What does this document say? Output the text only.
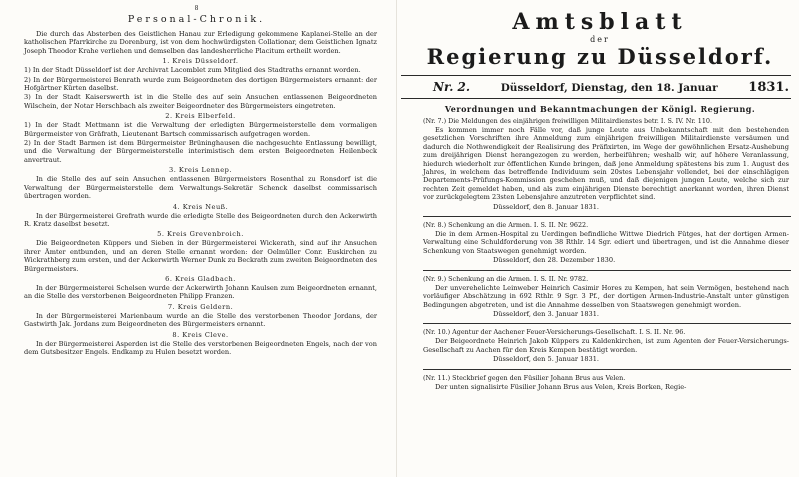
8
Personal-Chronik.

Die durch das Absterben des Geistlichen Hanau zur Erledigung gekommene Kaplanei-Stelle an der katholischen Pfarrkirche zu Dorenburg, ist von dem hochwürdigsten Collationar, dem Geistlichen Ignatz Joseph Theodor Krahe verliehen und demselben das landesherrliche Placitum ertheilt worden.

1. Kreis Düsseldorf.

1) In der Stadt Düsseldorf ist der Archivrat Lacomblet zum Mitglied des Stadtraths ernannt worden.

2) In der Bürgermeisterei Benrath wurde zum Beigeordneten des dortigen Bürgermeisters ernannt: der Hofgärtner Kürten daselbst.

3) In der Stadt Kaiserswerth ist in die Stelle des auf sein Ansuchen entlassenen Beigeordneten Wilschein, der Notar Herschbach als zweiter Beigeordneter des Bürgermeisters eingetreten.

2. Kreis Elberfeld.

1) In der Stadt Mettmann ist die Verwaltung der erledigten Bürgermeisterstelle dem vormaligen Bürgermeister von Gräfrath, Lieutenant Bartsch commissarisch aufgetragen worden.

2) In der Stadt Barmen ist dem Bürgermeister Brüninghausen die nachgesuchte Entlassung bewilligt, und die Verwaltung der Bürgermeisterstelle interimistisch dem ersten Beigeordneten Heilenbeck anvertraut.

3. Kreis Lennep.

In die Stelle des auf sein Ansuchen entlassenen Bürgermeisters Rosenthal zu Ronsdorf ist die Verwaltung der Bürgermeisterstelle dem Verwaltungs-Sekretär Schenck daselbst commissarisch übertragen worden.

4. Kreis Neuß.

In der Bürgermeisterei Grefrath wurde die erledigte Stelle des Beigeordneten durch den Ackerwirth R. Kratz daselbst besetzt.

5. Kreis Grevenbroich.

Die Beigeordneten Küppers und Sieben in der Bürgermeisterei Wickerath, sind auf ihr Ansuchen ihrer Ämter entbunden, und an deren Stelle ernannt worden: der Oelmüller Conr. Euskirchen zu Wickrathberg zum ersten, und der Ackerwirth Werner Dunk zu Beckrath zum zweiten Beigeordneten des Bürgermeisters.

6. Kreis Gladbach.

In der Bürgermeisterei Schelsen wurde der Ackerwirth Johann Kaulsen zum Beigeordneten ernannt, an die Stelle des verstorbenen Beigeordneten Philipp Franzen.

7. Kreis Geldern.

In der Bürgermeisterei Marienbaum wurde an die Stelle des verstorbenen Theodor Jordans, der Gastwirth Jak. Jordans zum Beigeordneten des Bürgermeisters ernannt.

8. Kreis Cleve.

In der Bürgermeisterei Asperden ist die Stelle des verstorbenen Beigeordneten Engels, nach der von dem Gutsbesitzer Engels. Endkamp zu Hulen besetzt worden.

Amtsblatt
der
Regierung zu Düsseldorf.
Nr. 2.	Düsseldorf, Dienstag, den 18. Januar 1831.
Verordnungen und Bekanntmachungen der Königl. Regierung.
(Nr. 7.) Die Meldungen des einjährigen freiwilligen Militairdienstes betr. I. S. IV. Nr. 110.

Es kommen immer noch Fälle vor, daß junge Leute aus Unbekanntschaft mit den bestehenden gesetzlichen Vorschriften ihre Anmeldung zum einjährigen freiwilligen Militairdienste versäumen und dadurch die Nothwendigkeit der Realisirung des Präfixirten, im Wege der gewöhnlichen Ersatz-Aushebung zum dreijährigen Dienst herangezogen zu werden, herbeiführen; weshalb wir, auf höhere Veranlassung, hiedurch wiederholt zur öffentlichen Kunde bringen, daß jene Anmeldung spätestens bis zum 1. August des Jahres, in welchem das betreffende Individuum sein 20stes Lebensjahr vollendet, bei der einschlägigen Departements-Prüfungs-Kommission geschehen muß, und daß diejenigen jungen Leute, welche sich zur rechten Zeit gemeldet haben, und als zum einjährigen Dienste berechtigt anerkannt worden, ihren Dienst vor zurückgelegtem 23sten Lebensjahre anzutreten verpflichtet sind.

Düsseldorf, den 8. Januar 1831.
(Nr. 8.) Schenkung an die Armen. I. S. II. Nr. 9622.

Die in dem Armen-Hospital zu Uerdingen befindliche Wittwe Diedrich Fütges, hat der dortigen Armen-Verwaltung eine Schuldforderung von 38 Rthlr. 14 Sgr. ediert und übertragen, und ist die Annahme dieser Schenkung von Staatswegen genehmigt worden.

Düsseldorf, den 28. Dezember 1830.
(Nr. 9.) Schenkung an die Armen. I. S. II. Nr. 9782.

Der unverehelichte Leinweber Heinrich Casimir Hores zu Kempen, hat sein Vermögen, bestehend nach vorläufiger Abschätzung in 692 Rthlr. 9 Sgr. 3 Pf., der dortigen Armen-Industrie-Anstalt unter günstigen Bedingungen abgetreten, und ist die Annahme desselben von Staatswegen genehmigt worden.

Düsseldorf, den 3. Januar 1831.
(Nr. 10.) Agentur der Aachener Feuer-Versicherungs-Gesellschaft. I. S. II. Nr. 96.

Der Beigeordnete Heinrich Jakob Küppers zu Kaldenkirchen, ist zum Agenten der Feuer-Versicherungs-Gesellschaft zu Aachen für den Kreis Kempen bestätigt worden.

Düsseldorf, den 5. Januar 1831.
(Nr. 11.) Steckbrief gegen den Füsilier Johann Brus aus Velen.

Der unten signalisirte Füsilier Johann Brus aus Velen, Kreis Borken, Regie-
